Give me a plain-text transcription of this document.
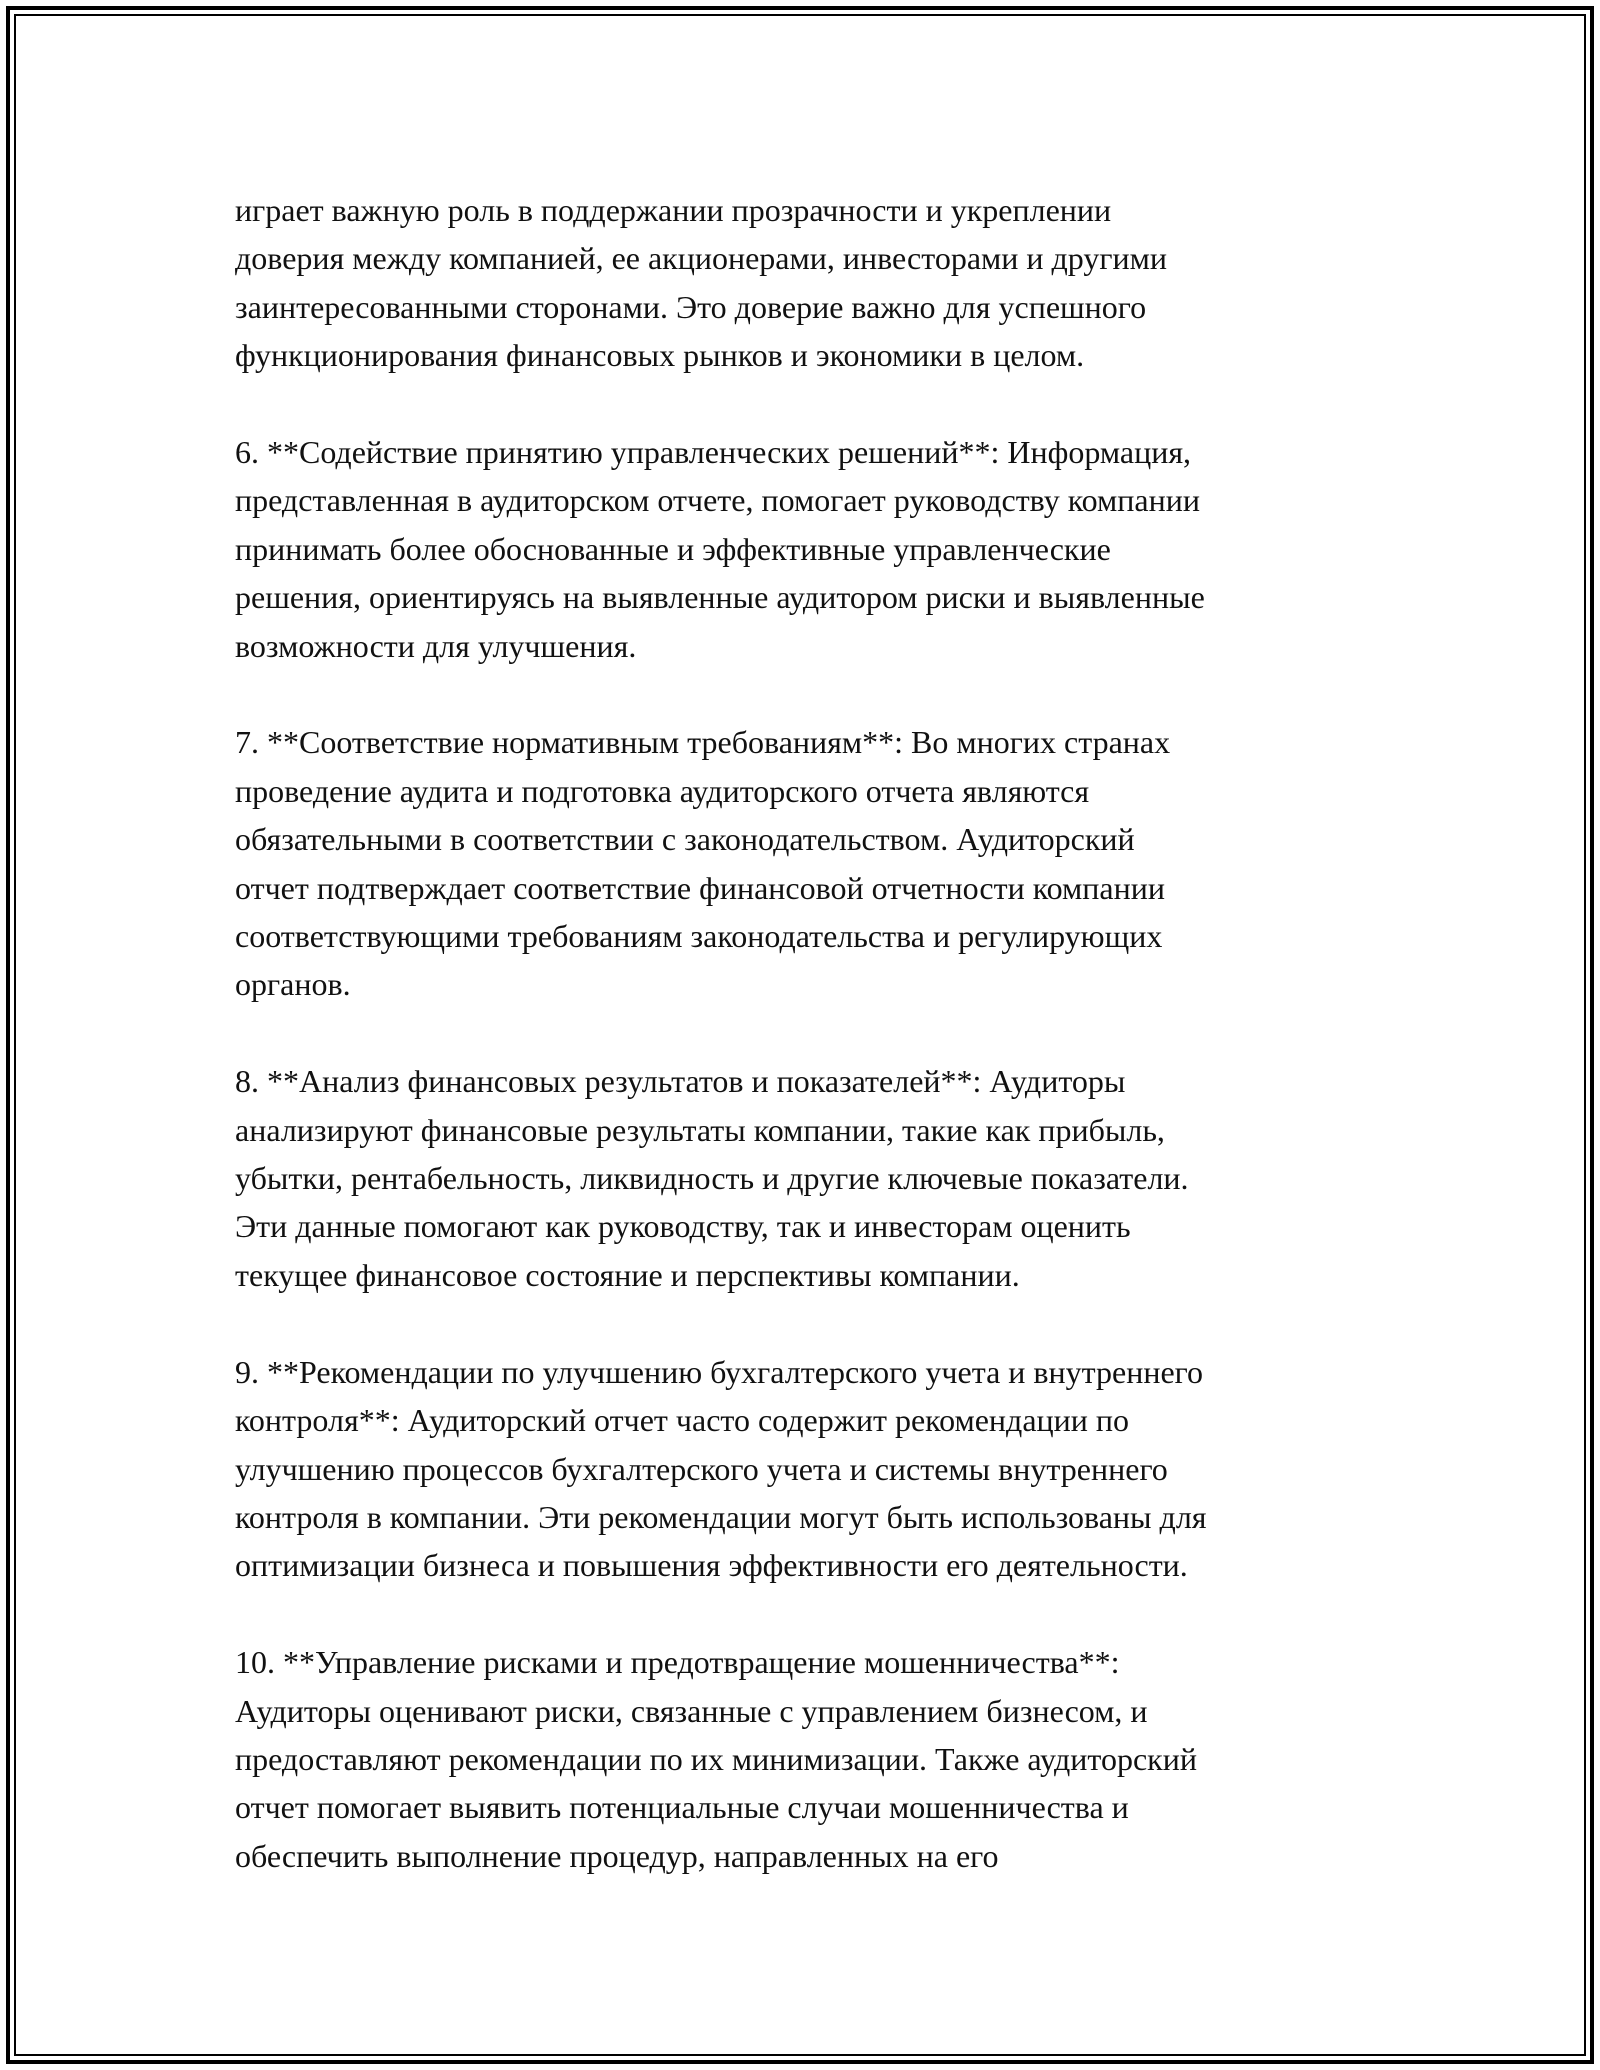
играет важную роль в поддержании прозрачности и укреплении
доверия между компанией, ее акционерами, инвесторами и другими
заинтересованными сторонами. Это доверие важно для успешного
функционирования финансовых рынков и экономики в целом.

6. **Содействие принятию управленческих решений**: Информация,
представленная в аудиторском отчете, помогает руководству компании
принимать более обоснованные и эффективные управленческие
решения, ориентируясь на выявленные аудитором риски и выявленные
возможности для улучшения.

7. **Соответствие нормативным требованиям**: Во многих странах
проведение аудита и подготовка аудиторского отчета являются
обязательными в соответствии с законодательством. Аудиторский
отчет подтверждает соответствие финансовой отчетности компании
соответствующими требованиям законодательства и регулирующих
органов.

8. **Анализ финансовых результатов и показателей**: Аудиторы
анализируют финансовые результаты компании, такие как прибыль,
убытки, рентабельность, ликвидность и другие ключевые показатели.
Эти данные помогают как руководству, так и инвесторам оценить
текущее финансовое состояние и перспективы компании.

9. **Рекомендации по улучшению бухгалтерского учета и внутреннего
контроля**: Аудиторский отчет часто содержит рекомендации по
улучшению процессов бухгалтерского учета и системы внутреннего
контроля в компании. Эти рекомендации могут быть использованы для
оптимизации бизнеса и повышения эффективности его деятельности.

10. **Управление рисками и предотвращение мошенничества**:
Аудиторы оценивают риски, связанные с управлением бизнесом, и
предоставляют рекомендации по их минимизации. Также аудиторский
отчет помогает выявить потенциальные случаи мошенничества и
обеспечить выполнение процедур, направленных на его
